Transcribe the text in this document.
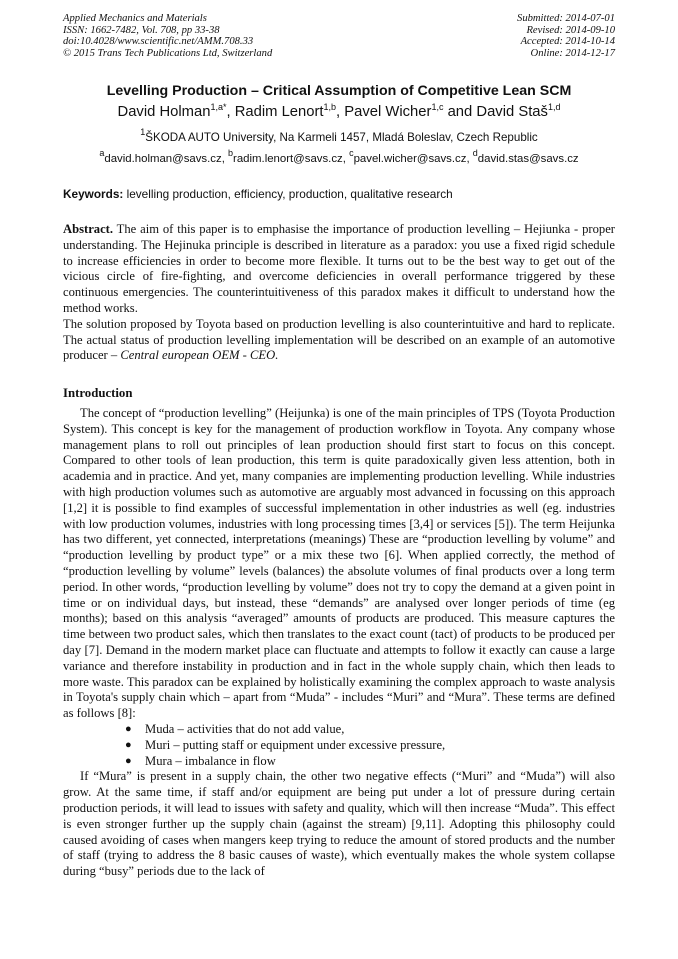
Applied Mechanics and Materials
ISSN: 1662-7482, Vol. 708, pp 33-38
doi:10.4028/www.scientific.net/AMM.708.33
© 2015 Trans Tech Publications Ltd, Switzerland
Submitted: 2014-07-01
Revised: 2014-09-10
Accepted: 2014-10-14
Online: 2014-12-17
Levelling Production – Critical Assumption of Competitive Lean SCM
David Holman$^{1,a*}$, Radim Lenort$^{1,b}$, Pavel Wicher$^{1,c}$ and David Staš$^{1,d}$
$^1$ŠKODA AUTO University, Na Karmeli 1457, Mladá Boleslav, Czech Republic
$^a$david.holman@savs.cz, $^b$radim.lenort@savs.cz, $^c$pavel.wicher@savs.cz, $^d$david.stas@savs.cz
Keywords: levelling production, efficiency, production, qualitative research

Abstract. The aim of this paper is to emphasise the importance of production levelling – Hejiunka - proper understanding. The Hejinuka principle is described in literature as a paradox: you use a fixed rigid schedule to increase efficiencies in order to become more flexible. It turns out to be the best way to get out of the vicious circle of fire-fighting, and overcome deficiencies in overall performance triggered by these continuous emergencies. The counterintuitiveness of this paradox makes it difficult to understand how the method works.

The solution proposed by Toyota based on production levelling is also counterintuitive and hard to replicate. The actual status of production levelling implementation will be described on an example of an automotive producer – Central european OEM - CEO.

Introduction

The concept of “production levelling” (Heijunka) is one of the main principles of TPS (Toyota Production System). This concept is key for the management of production workflow in Toyota. Any company whose management plans to roll out principles of lean production should first start to focus on this concept. Compared to other tools of lean production, this term is quite paradoxically given less attention, both in academia and in practice. And yet, many companies are implementing production levelling. While industries with high production volumes such as automotive are arguably most advanced in focussing on this approach [1,2] it is possible to find examples of successful implementation in other industries as well (eg. industries with low production volumes, industries with long processing times [3,4] or services [5]). The term Heijunka has two different, yet connected, interpretations (meanings) These are “production levelling by volume” and “production levelling by product type” or a mix these two [6]. When applied correctly, the method of “production levelling by volume” levels (balances) the absolute volumes of final products over a long term period. In other words, “production levelling by volume” does not try to copy the demand at a given point in time or on individual days, but instead, these “demands” are analysed over longer periods of time (eg months); based on this analysis “averaged” amounts of products are produced. This measure captures the time between two product sales, which then translates to the exact count (tact) of products to be produced per day [7]. Demand in the modern market place can fluctuate and attempts to follow it exactly can cause a large variance and therefore instability in production and in fact in the whole supply chain, which then leads to more waste. This paradox can be explained by holistically examining the complex approach to waste analysis in Toyota's supply chain which – apart from “Muda” - includes “Muri” and “Mura”. These terms are defined as follows [8]:

● Muda – activities that do not add value,
● Muri – putting staff or equipment under excessive pressure,
● Mura – imbalance in flow

If “Mura” is present in a supply chain, the other two negative effects (“Muri” and “Muda”) will also grow. At the same time, if staff and/or equipment are being put under a lot of pressure during certain production periods, it will lead to issues with safety and quality, which will then increase “Muda”. This effect is even stronger further up the supply chain (against the stream) [9,11]. Adopting this philosophy could caused avoiding of cases when mangers keep trying to reduce the amount of stored products and the number of staff (trying to address the 8 basic causes of waste), which eventually makes the whole system collapse during “busy” periods due to the lack of
